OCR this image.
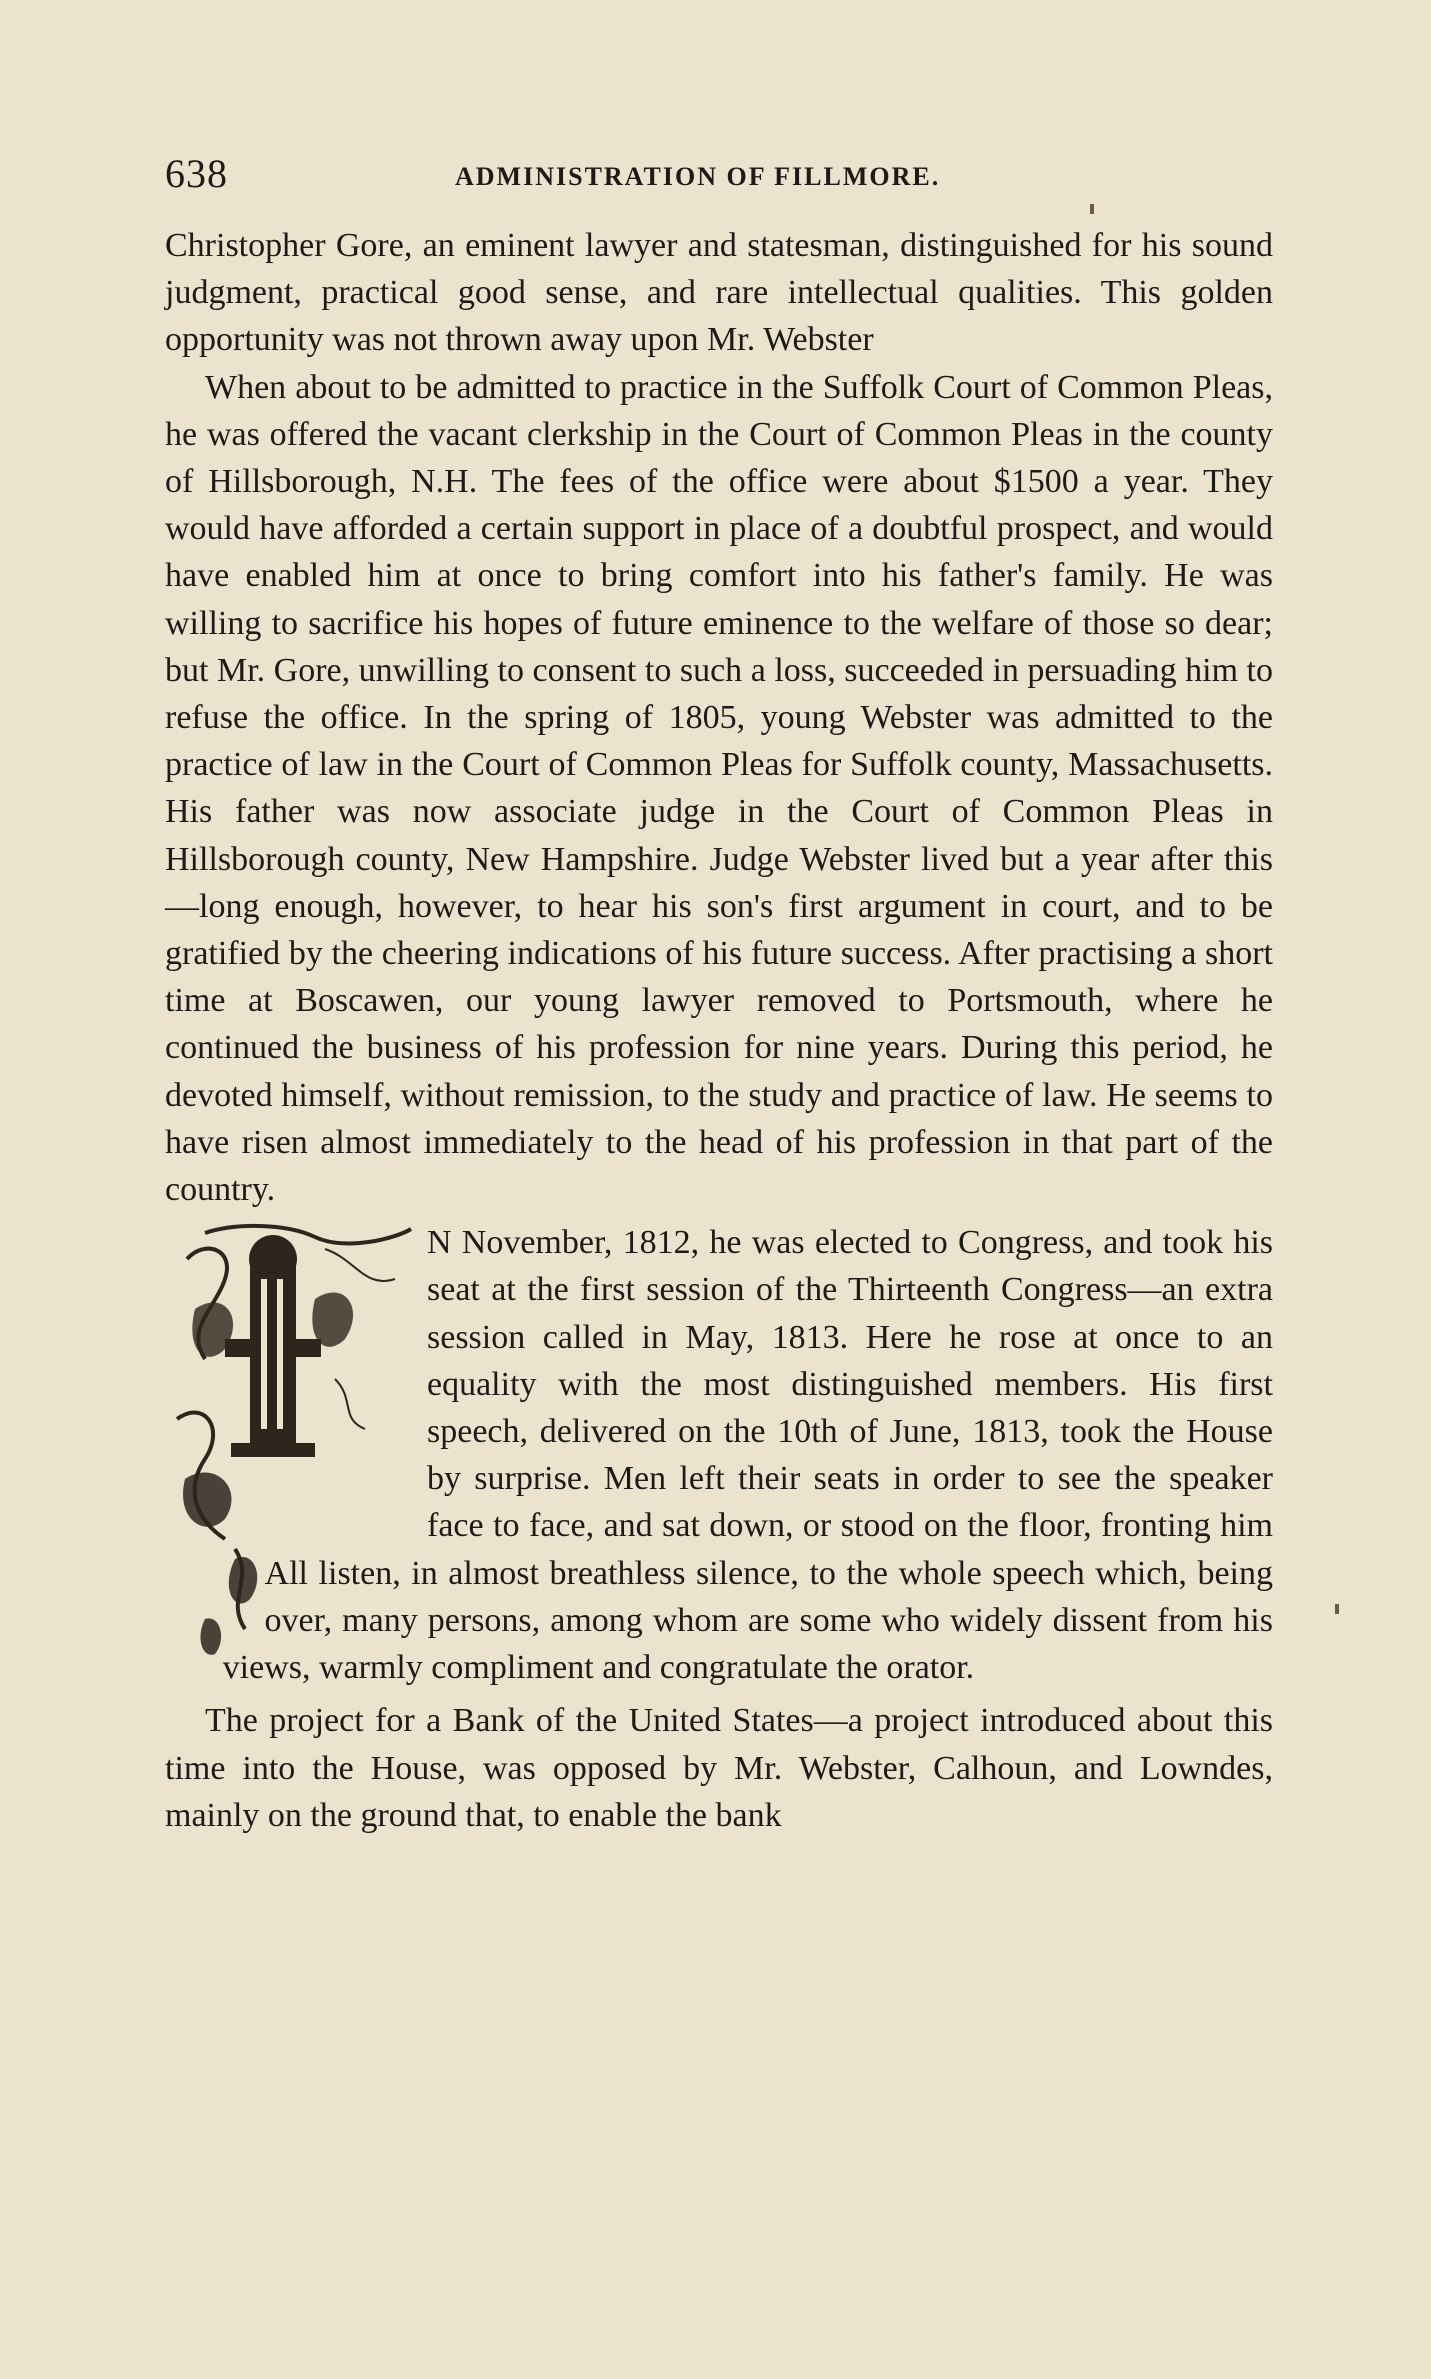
638	ADMINISTRATION OF FILLMORE.

Christopher Gore, an eminent lawyer and statesman, distinguished for his sound judgment, practical good sense, and rare intellectual qualities. This golden opportunity was not thrown away upon Mr. Webster

When about to be admitted to practice in the Suffolk Court of Common Pleas, he was offered the vacant clerkship in the Court of Common Pleas in the county of Hillsborough, N.H. The fees of the office were about $1500 a year. They would have afforded a certain support in place of a doubtful prospect, and would have enabled him at once to bring comfort into his father's family. He was willing to sacrifice his hopes of future eminence to the welfare of those so dear; but Mr. Gore, unwilling to consent to such a loss, succeeded in persuading him to refuse the office. In the spring of 1805, young Webster was admitted to the practice of law in the Court of Common Pleas for Suffolk county, Massachusetts. His father was now associate judge in the Court of Common Pleas in Hillsborough county, New Hampshire. Judge Webster lived but a year after this—long enough, however, to hear his son's first argument in court, and to be gratified by the cheering indications of his future success. After practising a short time at Boscawen, our young lawyer removed to Portsmouth, where he continued the business of his profession for nine years. During this period, he devoted himself, without remission, to the study and practice of law. He seems to have risen almost immediately to the head of his profession in that part of the country.

N November, 1812, he was elected to Congress, and took his seat at the first session of the Thirteenth Congress—an extra session called in May, 1813. Here he rose at once to an equality with the most distinguished members. His first speech, delivered on the 10th of June, 1813, took the House by surprise. Men left their seats in order to see the speaker face to face, and sat down, or stood on the floor, fronting him All listen, in almost breathless silence, to the whole speech which, being over, many persons, among whom are some who widely dissent from his views, warmly compliment and congratulate the orator.

The project for a Bank of the United States—a project introduced about this time into the House, was opposed by Mr. Webster, Calhoun, and Lowndes, mainly on the ground that, to enable the bank
